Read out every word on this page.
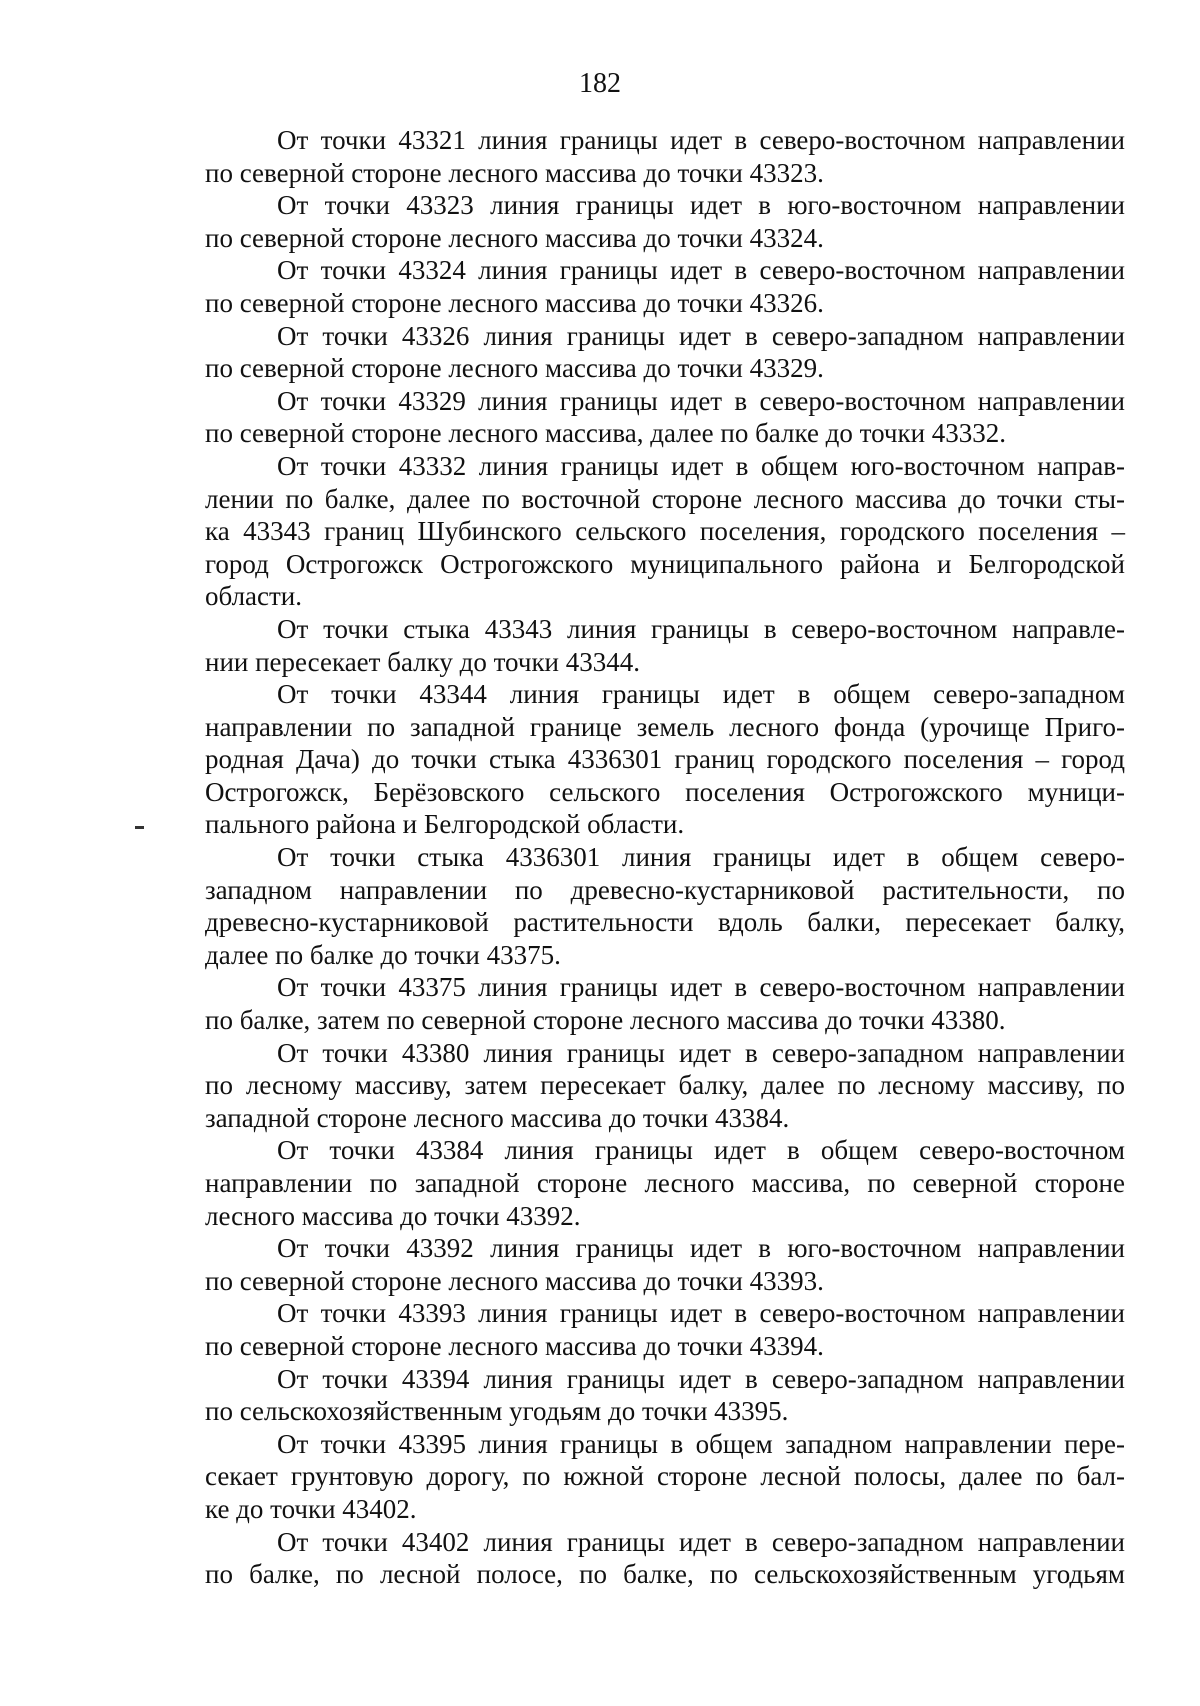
182

От точки 43321 линия границы идет в северо-восточном направлении
по северной стороне лесного массива до точки 43323.

От точки 43323 линия границы идет в юго-восточном направлении
по северной стороне лесного массива до точки 43324.

От точки 43324 линия границы идет в северо-восточном направлении
по северной стороне лесного массива до точки 43326.

От точки 43326 линия границы идет в северо-западном направлении
по северной стороне лесного массива до точки 43329.

От точки 43329 линия границы идет в северо-восточном направлении
по северной стороне лесного массива, далее по балке до точки 43332.

От точки 43332 линия границы идет в общем юго-восточном направ-
лении по балке, далее по восточной стороне лесного массива до точки сты-
ка 43343 границ Шубинского сельского поселения, городского поселения –
город Острогожск Острогожского муниципального района и Белгородской
области.

От точки стыка 43343 линия границы в северо-восточном направле-
нии пересекает балку до точки 43344.

От точки 43344 линия границы идет в общем северо-западном
направлении по западной границе земель лесного фонда (урочище Приго-
родная Дача) до точки стыка 4336301 границ городского поселения – город
Острогожск, Берёзовского сельского поселения Острогожского муници-
пального района и Белгородской области.

От точки стыка 4336301 линия границы идет в общем северо-
западном направлении по древесно-кустарниковой растительности, по
древесно-кустарниковой растительности вдоль балки, пересекает балку,
далее по балке до точки 43375.

От точки 43375 линия границы идет в северо-восточном направлении
по балке, затем по северной стороне лесного массива до точки 43380.

От точки 43380 линия границы идет в северо-западном направлении
по лесному массиву, затем пересекает балку, далее по лесному массиву, по
западной стороне лесного массива до точки 43384.

От точки 43384 линия границы идет в общем северо-восточном
направлении по западной стороне лесного массива, по северной стороне
лесного массива до точки 43392.

От точки 43392 линия границы идет в юго-восточном направлении
по северной стороне лесного массива до точки 43393.

От точки 43393 линия границы идет в северо-восточном направлении
по северной стороне лесного массива до точки 43394.

От точки 43394 линия границы идет в северо-западном направлении
по сельскохозяйственным угодьям до точки 43395.

От точки 43395 линия границы в общем западном направлении пере-
секает грунтовую дорогу, по южной стороне лесной полосы, далее по бал-
ке до точки 43402.

От точки 43402 линия границы идет в северо-западном направлении
по балке, по лесной полосе, по балке, по сельскохозяйственным угодьям
